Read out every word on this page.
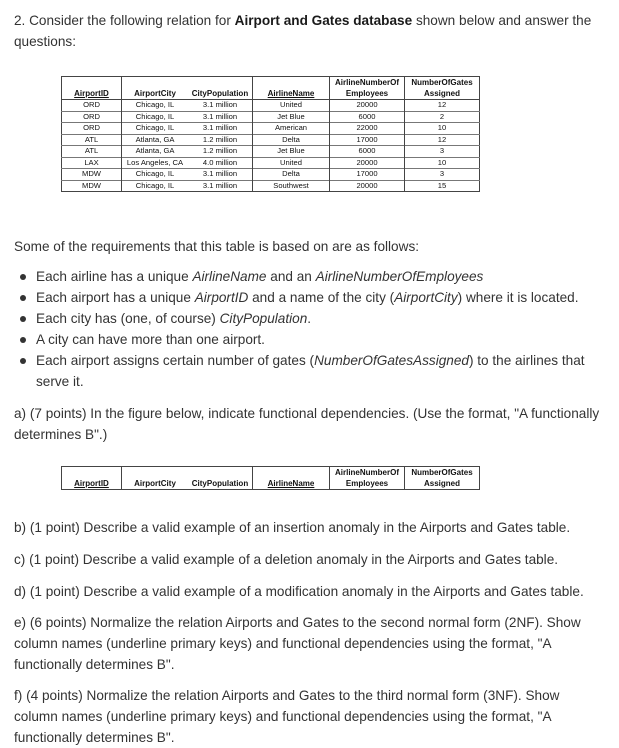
2. Consider the following relation for Airport and Gates database shown below and answer the
questions:

AirportID	AirportCity	CityPopulation	AirlineName	AirlineNumberOf
Employees	NumberOfGates
Assigned
ORD	Chicago, IL	3.1 million	United	20000	12
ORD	Chicago, IL	3.1 million	Jet Blue	6000	2
ORD	Chicago, IL	3.1 million	American	22000	10
ATL	Atlanta, GA	1.2 million	Delta	17000	12
ATL	Atlanta, GA	1.2 million	Jet Blue	6000	3
LAX	Los Angeles, CA	4.0 million	United	20000	10
MDW	Chicago, IL	3.1 million	Delta	17000	3
MDW	Chicago, IL	3.1 million	Southwest	20000	15

Some of the requirements that this table is based on are as follows:

Each airline has a unique AirlineName and an AirlineNumberOfEmployees
Each airport has a unique AirportID and a name of the city (AirportCity) where it is located.
Each city has (one, of course) CityPopulation.
A city can have more than one airport.
Each airport assigns certain number of gates (NumberOfGatesAssigned) to the airlines that
serve it.

a) (7 points) In the figure below, indicate functional dependencies. (Use the format, "A functionally
determines B".)

AirportID	AirportCity	CityPopulation	AirlineName	AirlineNumberOf
Employees	NumberOfGates
Assigned

b) (1 point) Describe a valid example of an insertion anomaly in the Airports and Gates table.

c) (1 point) Describe a valid example of a deletion anomaly in the Airports and Gates table.

d) (1 point) Describe a valid example of a modification anomaly in the Airports and Gates table.

e) (6 points) Normalize the relation Airports and Gates to the second normal form (2NF). Show
column names (underline primary keys) and functional dependencies using the format, "A
functionally determines B".

f) (4 points) Normalize the relation Airports and Gates to the third normal form (3NF). Show
column names (underline primary keys) and functional dependencies using the format, "A
functionally determines B".
